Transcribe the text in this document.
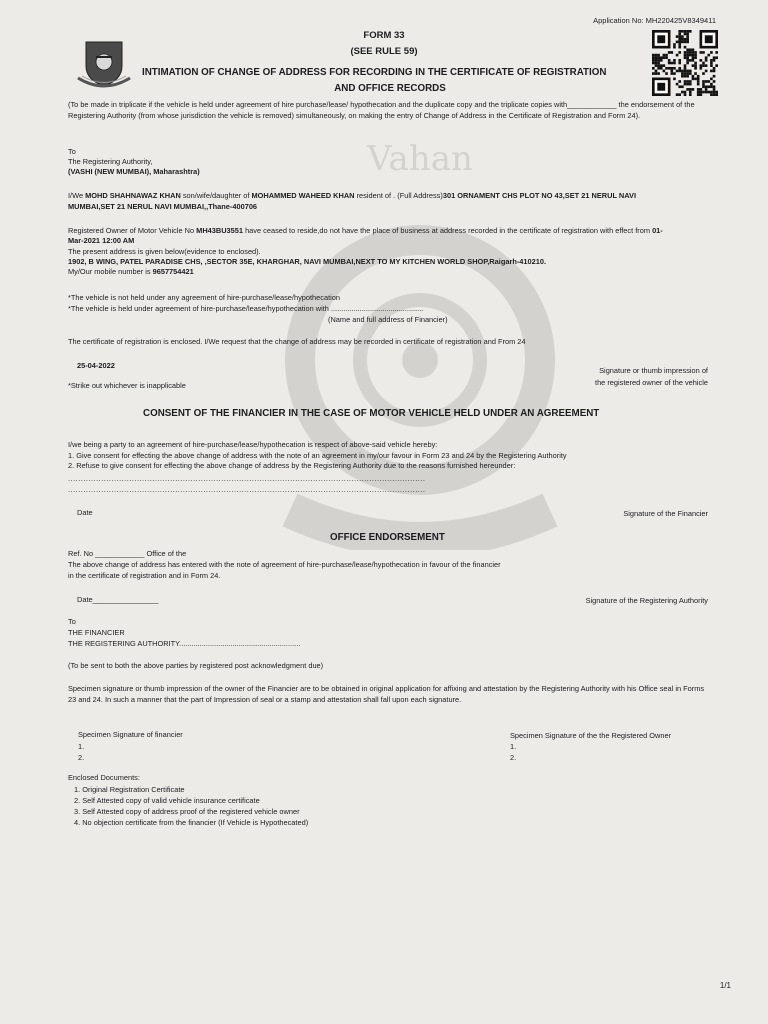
Application No: MH220425V8349411
FORM 33
(SEE RULE 59)
INTIMATION OF CHANGE OF ADDRESS FOR RECORDING IN THE CERTIFICATE OF REGISTRATION
AND OFFICE RECORDS
Vahan
(To be made in triplicate if the vehicle is held under agreement of hire purchase/lease/ hypothecation and the duplicate copy and the triplicate copies with____________ the endorsement of the Registering Authority (from whose jurisdiction the vehicle is removed) simultaneously, on making the entry of Change of Address in the Certificate of Registration and Form 24).
To
The Registering Authority,
(VASHI (NEW MUMBAI), Maharashtra)
I/We MOHD SHAHNAWAZ KHAN son/wife/daughter of MOHAMMED WAHEED KHAN resident of . (Full Address)301 ORNAMENT CHS PLOT NO 43,SET 21 NERUL NAVI
MUMBAI,SET 21 NERUL NAVI MUMBAI,,Thane-400706
Registered Owner of Motor Vehicle No MH43BU3551 have ceased to reside,do not have the place of business at address recorded in the certificate of registration with effect from 01-
Mar-2021 12:00 AM
The present address is given below(evidence to enclosed).
1902, B WING, PATEL PARADISE CHS, ,SECTOR 35E, KHARGHAR, NAVI MUMBAI,NEXT TO MY KITCHEN WORLD SHOP,Raigarh-410210.
My/Our mobile number is 9657754421
*The vehicle is not held under any agreement of hire-purchase/lease/hypothecation
*The vehicle is held under agreement of hire-purchase/lease/hypothecation with .............................................
(Name and full address of Financier)
The certificate of registration is enclosed. I/We request that the change of address may be recorded in certificate of registration and From 24
25-04-2022
Signature or thumb impression of
the registered owner of the vehicle
*Strike out whichever is inapplicable
CONSENT OF THE FINANCIER IN THE CASE OF MOTOR VEHICLE HELD UNDER AN AGREEMENT
I/we being a party to an agreement of hire-purchase/lease/hypothecation is respect of above-said vehicle hereby:
1. Give consent for effecting the above change of address with the note of an agreement in my/our favour in Form 23 and 24 by the Registering Authority
2. Refuse to give consent for effecting the above change of address by the Registering Authority due to the reasons furnished hereunder:
............................................................................................................................................
............................................................................................................................................
Date	Signature of the Financier
OFFICE ENDORSEMENT
Ref. No ____________ Office of the
The above change of address has entered with the note of agreement of hire-purchase/lease/hypothecation in favour of the financier
in the certificate of registration and in Form 24.
Date________________	Signature of the Registering Authority
To
THE FINANCIER
THE REGISTERING AUTHORITY...........................................................
(To be sent to both the above parties by registered post acknowledgment due)
Specimen signature or thumb impression of the owner of the Financier are to be obtained in original application for affixing and attestation by the Registering Authority with his Office seal in Forms 23 and 24. In such a manner that the part of Impression of seal or a stamp and attestation shall fall upon each signature.
Specimen Signature of financier
1.
2.
Specimen Signature of the the Registered Owner
1.
2.
Enclosed Documents:
1. Original Registration Certificate
2. Self Attested copy of valid vehicle insurance certificate
3. Self Attested copy of address proof of the registered vehicle owner
4. No objection certificate from the financier (If Vehicle is Hypothecated)
1/1
